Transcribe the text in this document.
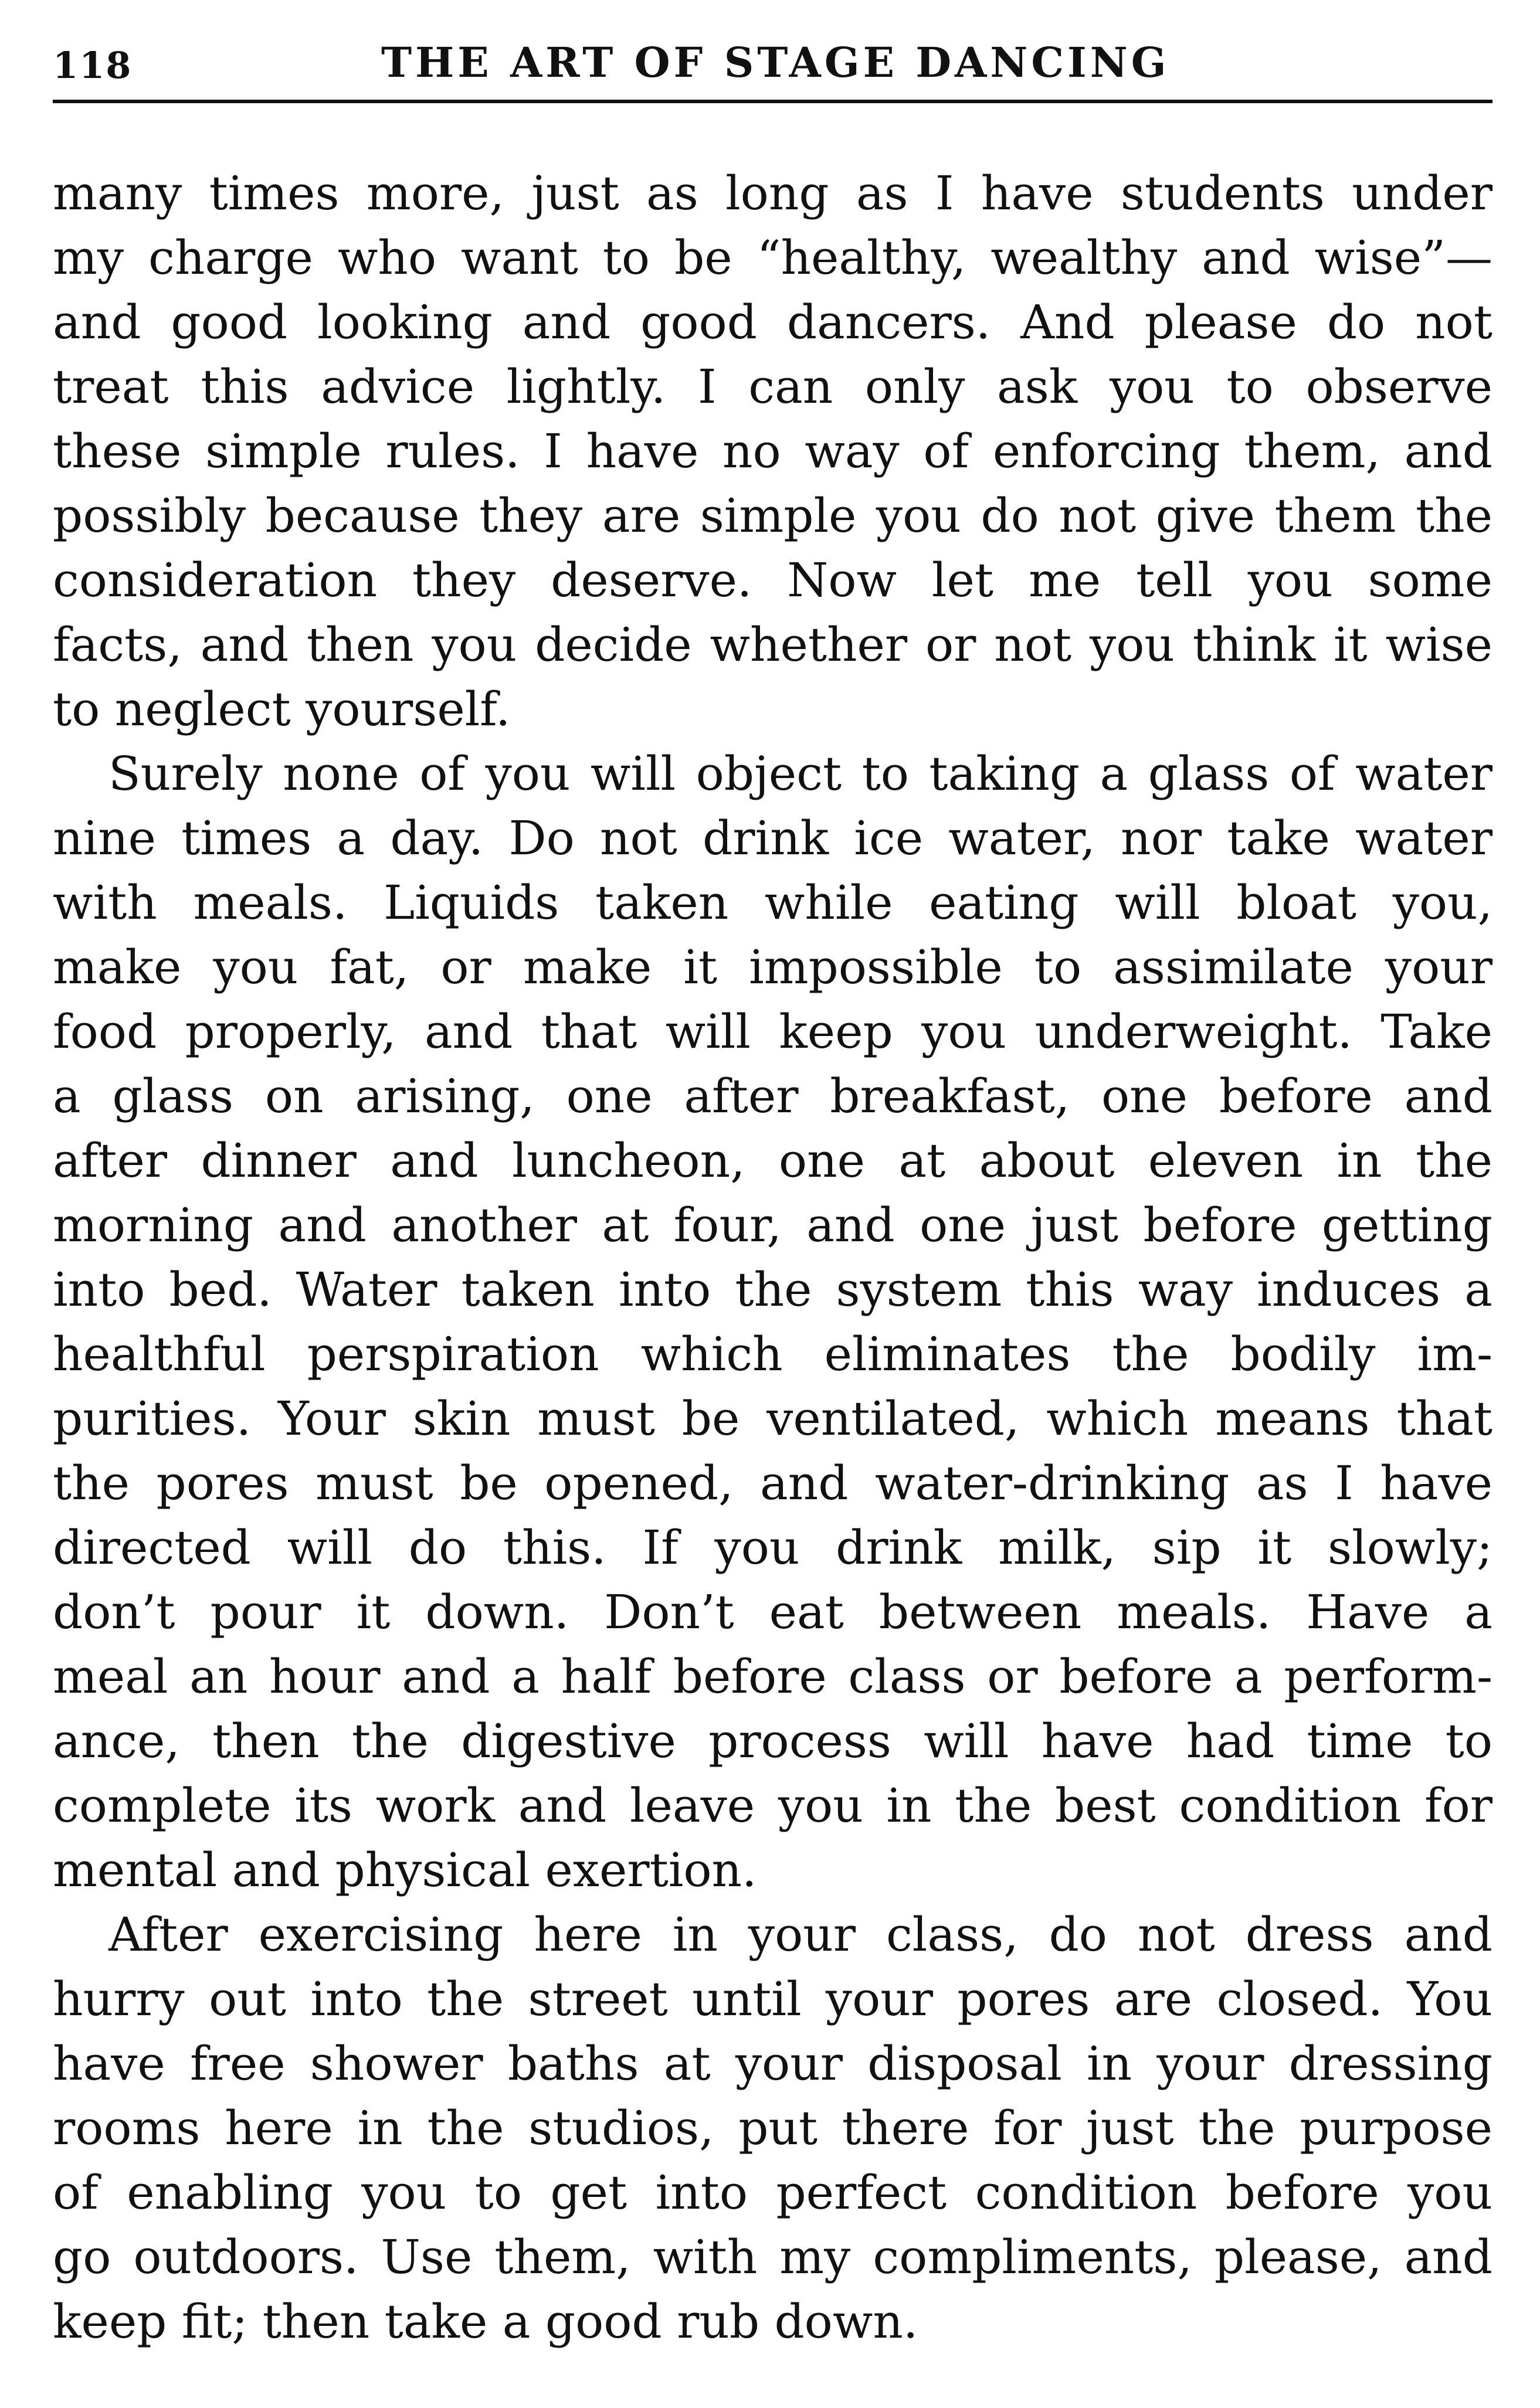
118	THE ART OF STAGE DANCING
many times more, just as long as I have students under
my charge who want to be “healthy, wealthy and wise”—
and good looking and good dancers. And please do not
treat this advice lightly. I can only ask you to observe
these simple rules. I have no way of enforcing them, and
possibly because they are simple you do not give them the
consideration they deserve. Now let me tell you some
facts, and then you decide whether or not you think it wise
to neglect yourself.
Surely none of you will object to taking a glass of water
nine times a day. Do not drink ice water, nor take water
with meals. Liquids taken while eating will bloat you,
make you fat, or make it impossible to assimilate your
food properly, and that will keep you underweight. Take
a glass on arising, one after breakfast, one before and
after dinner and luncheon, one at about eleven in the
morning and another at four, and one just before getting
into bed. Water taken into the system this way induces a
healthful perspiration which eliminates the bodily im-
purities. Your skin must be ventilated, which means that
the pores must be opened, and water-drinking as I have
directed will do this. If you drink milk, sip it slowly;
don’t pour it down. Don’t eat between meals. Have a
meal an hour and a half before class or before a perform-
ance, then the digestive process will have had time to
complete its work and leave you in the best condition for
mental and physical exertion.
After exercising here in your class, do not dress and
hurry out into the street until your pores are closed. You
have free shower baths at your disposal in your dressing
rooms here in the studios, put there for just the purpose
of enabling you to get into perfect condition before you
go outdoors. Use them, with my compliments, please, and
keep fit; then take a good rub down.
